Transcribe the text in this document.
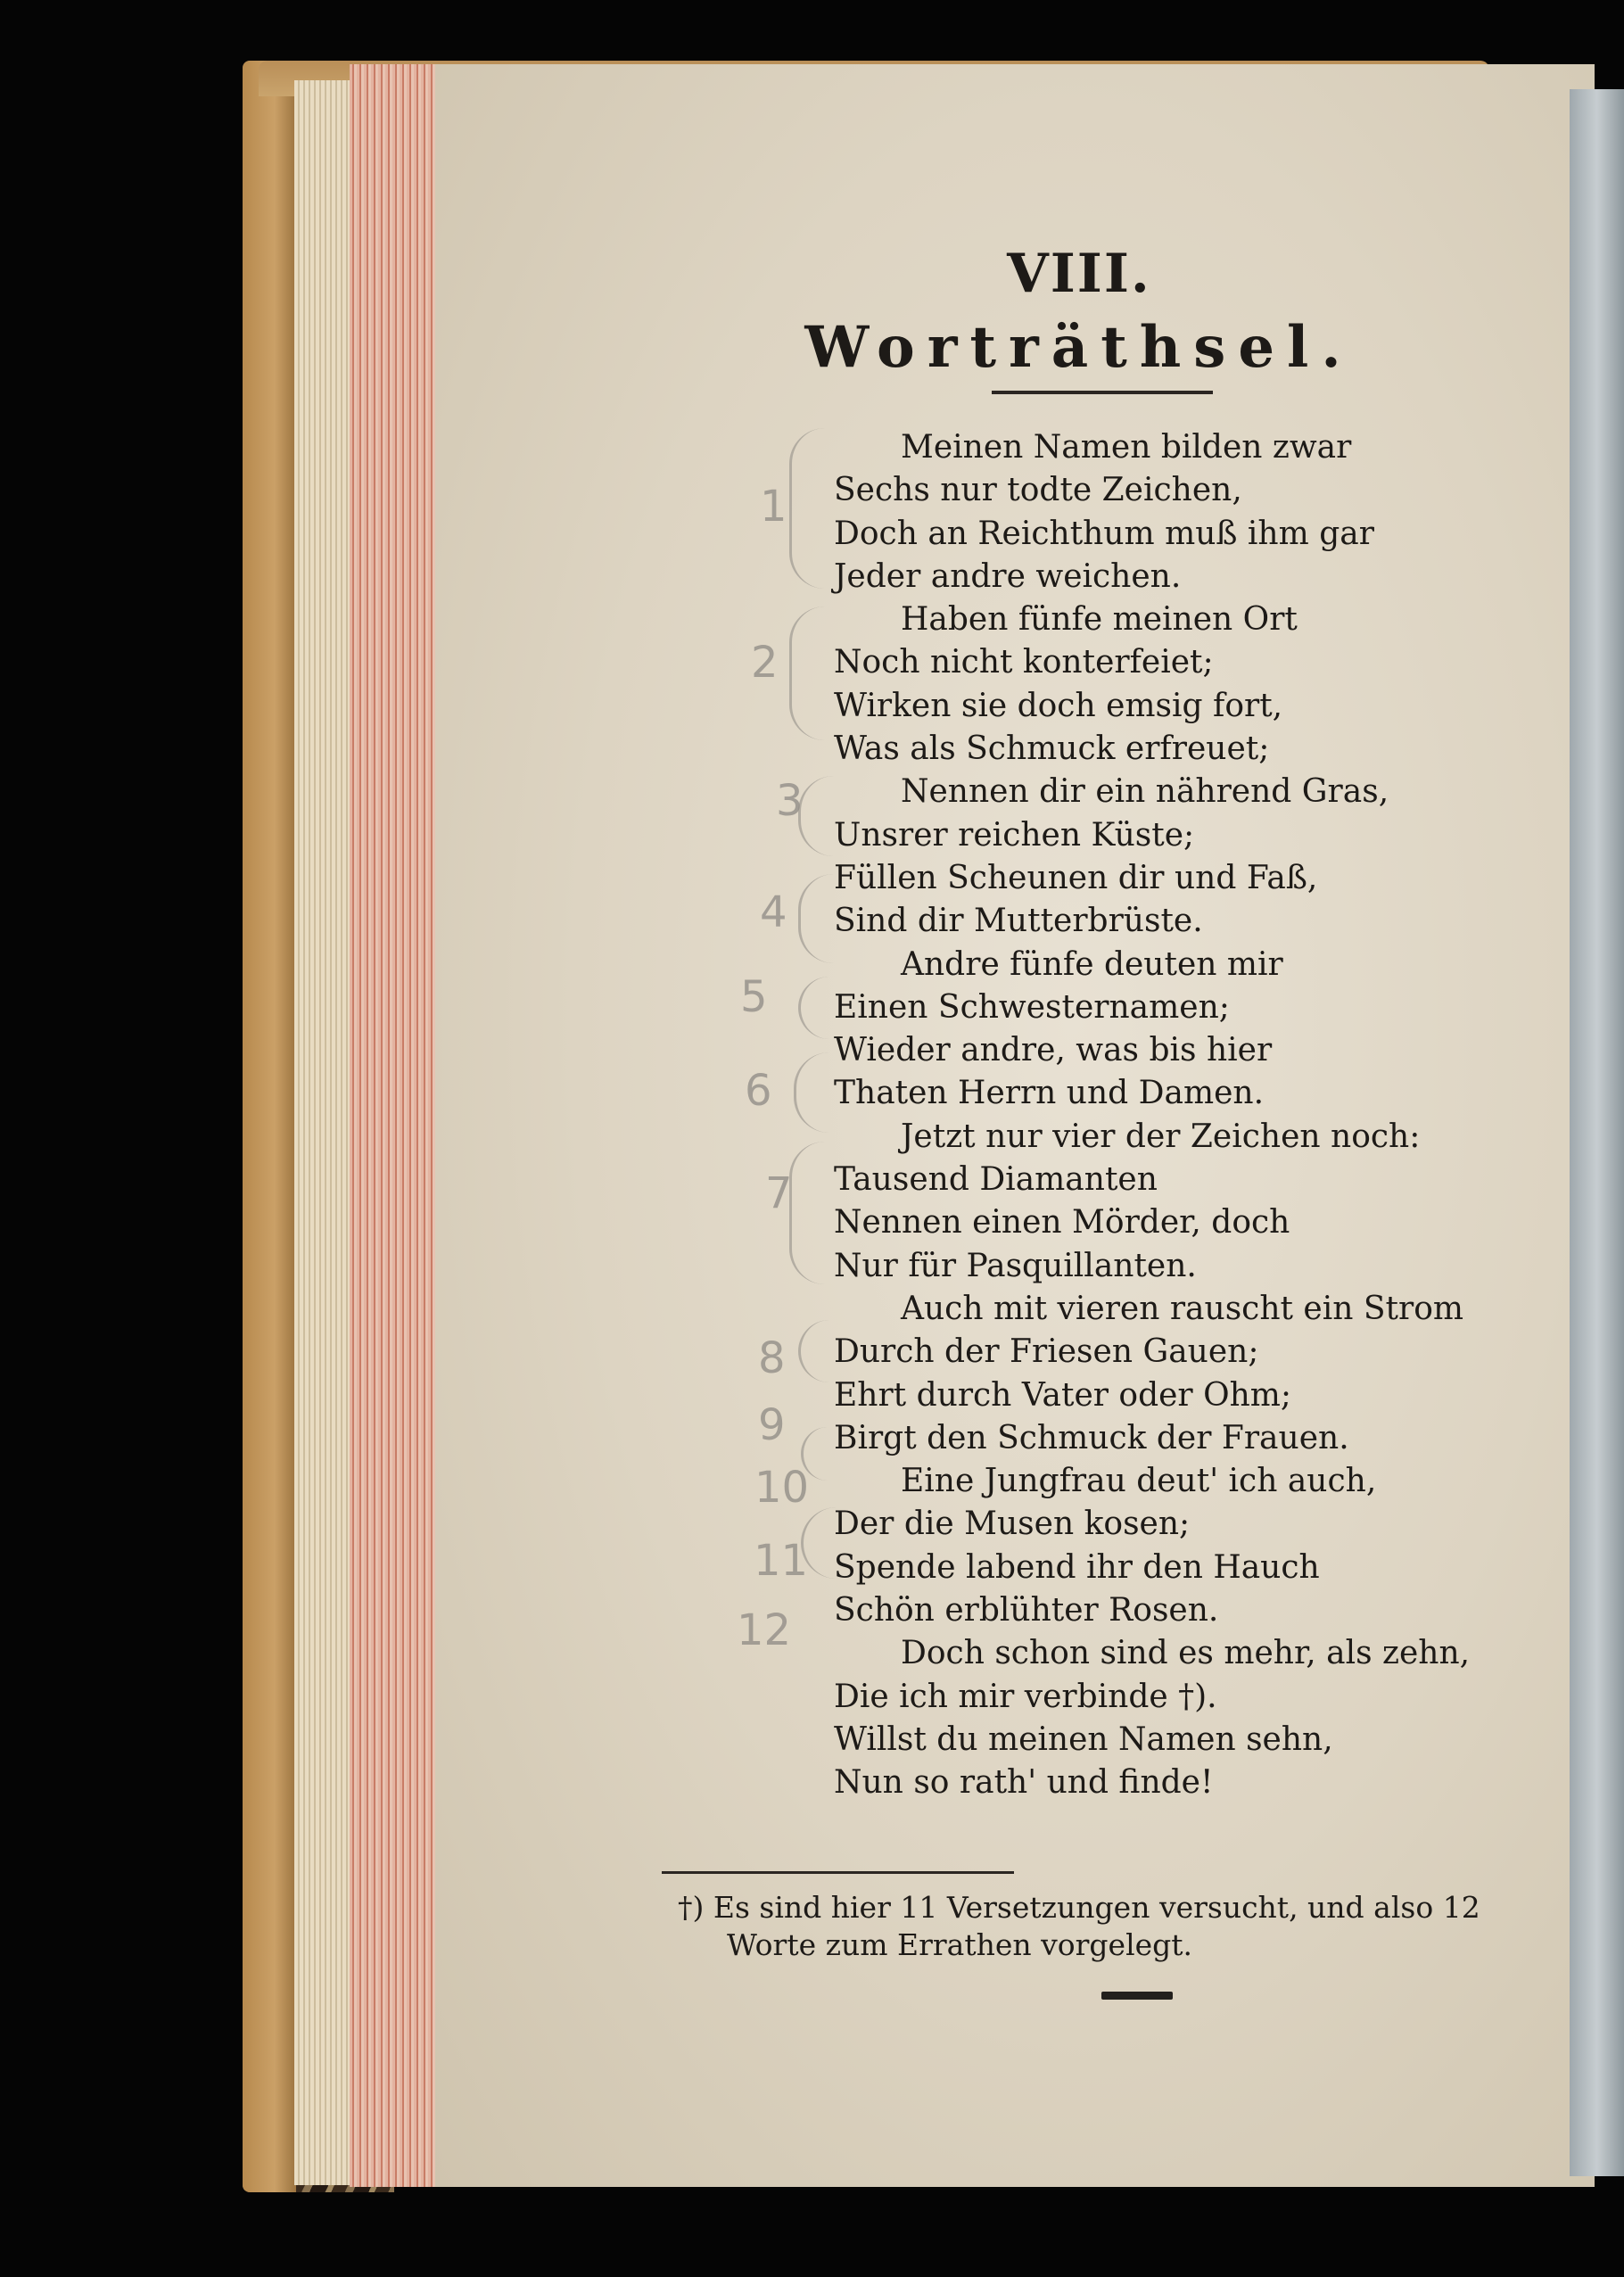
VIII.
Worträthsel.
Meinen Namen bilden zwar
Sechs nur todte Zeichen,
Doch an Reichthum muß ihm gar
Jeder andre weichen.
Haben fünfe meinen Ort
Noch nicht konterfeiet;
Wirken sie doch emsig fort,
Was als Schmuck erfreuet;
Nennen dir ein nährend Gras,
Unsrer reichen Küste;
Füllen Scheunen dir und Faß,
Sind dir Mutterbrüste.
Andre fünfe deuten mir
Einen Schwesternamen;
Wieder andre, was bis hier
Thaten Herrn und Damen.
Jetzt nur vier der Zeichen noch:
Tausend Diamanten
Nennen einen Mörder, doch
Nur für Pasquillanten.
Auch mit vieren rauscht ein Strom
Durch der Friesen Gauen;
Ehrt durch Vater oder Ohm;
Birgt den Schmuck der Frauen.
Eine Jungfrau deut' ich auch,
Der die Musen kosen;
Spende labend ihr den Hauch
Schön erblühter Rosen.
Doch schon sind es mehr, als zehn,
Die ich mir verbinde †).
Willst du meinen Namen sehn,
Nun so rath' und finde!
†) Es sind hier 11 Versetzungen versucht, und also 12
Worte zum Errathen vorgelegt.
1
2
3
4
5
6
7
8
9
10
11
12
